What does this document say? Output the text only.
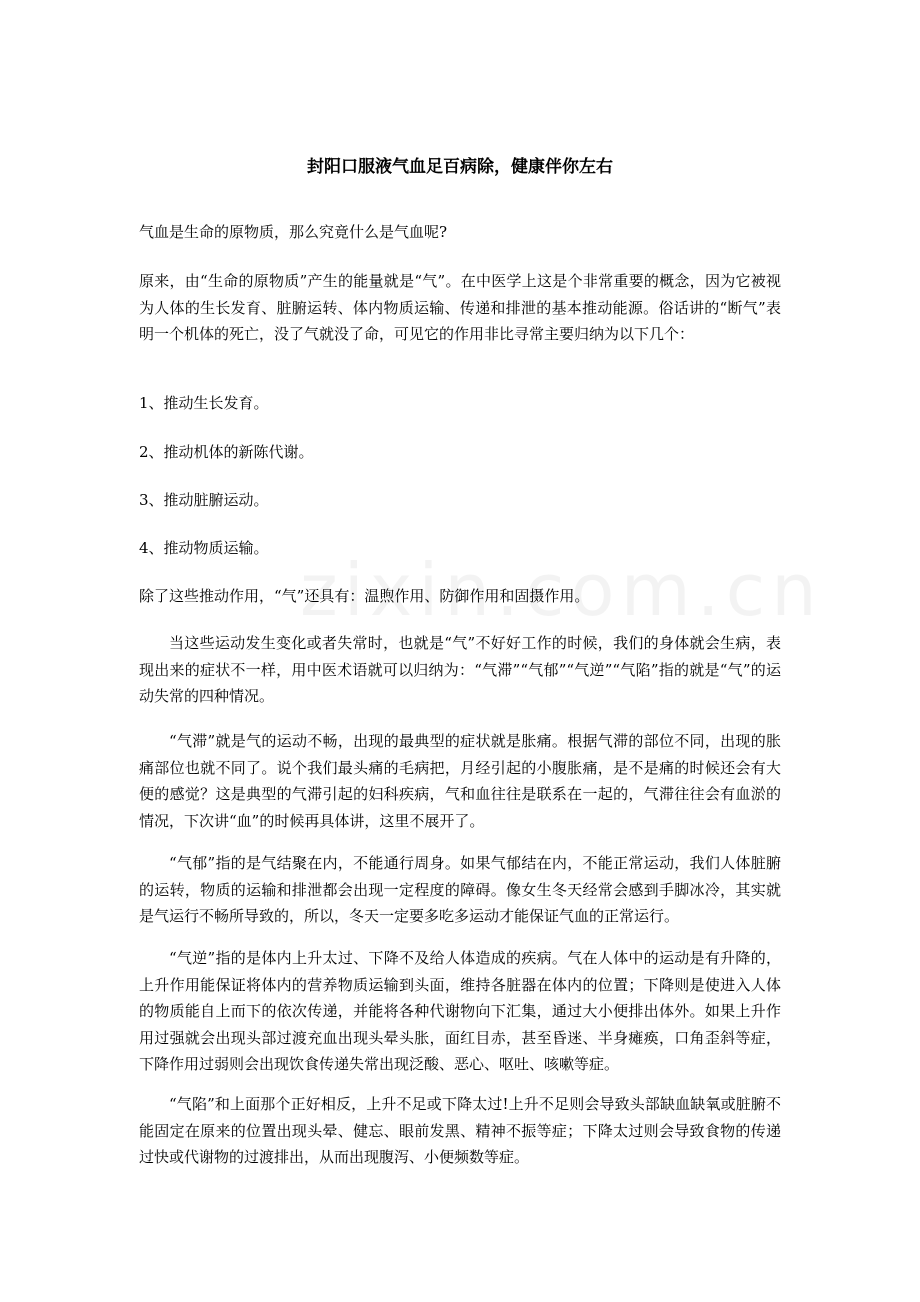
封阳口服液气血足百病除，健康伴你左右

气血是生命的原物质，那么究竟什么是气血呢?

原来，由“生命的原物质”产生的能量就是“气”。在中医学上这是个非常重要的概念，因为它被视为人体的生长发育、脏腑运转、体内物质运输、传递和排泄的基本推动能源。俗话讲的“断气”表明一个机体的死亡，没了气就没了命，可见它的作用非比寻常主要归纳为以下几个：

1、推动生长发育。

2、推动机体的新陈代谢。

3、推动脏腑运动。

4、推动物质运输。

除了这些推动作用，“气”还具有：温煦作用、防御作用和固摄作用。

当这些运动发生变化或者失常时，也就是“气”不好好工作的时候，我们的身体就会生病，表现出来的症状不一样，用中医术语就可以归纳为：“气滞”“气郁”“气逆”“气陷”指的就是“气”的运动失常的四种情况。

“气滞”就是气的运动不畅，出现的最典型的症状就是胀痛。根据气滞的部位不同，出现的胀痛部位也就不同了。说个我们最头痛的毛病把，月经引起的小腹胀痛，是不是痛的时候还会有大便的感觉？这是典型的气滞引起的妇科疾病，气和血往往是联系在一起的，气滞往往会有血淤的情况，下次讲“血”的时候再具体讲，这里不展开了。

“气郁”指的是气结聚在内，不能通行周身。如果气郁结在内，不能正常运动，我们人体脏腑的运转，物质的运输和排泄都会出现一定程度的障碍。像女生冬天经常会感到手脚冰冷，其实就是气运行不畅所导致的，所以，冬天一定要多吃多运动才能保证气血的正常运行。

“气逆”指的是体内上升太过、下降不及给人体造成的疾病。气在人体中的运动是有升降的，上升作用能保证将体内的营养物质运输到头面，维持各脏器在体内的位置；下降则是使进入人体的物质能自上而下的依次传递，并能将各种代谢物向下汇集，通过大小便排出体外。如果上升作用过强就会出现头部过渡充血出现头晕头胀，面红目赤，甚至昏迷、半身瘫痪，口角歪斜等症，下降作用过弱则会出现饮食传递失常出现泛酸、恶心、呕吐、咳嗽等症。

“气陷”和上面那个正好相反，上升不足或下降太过!上升不足则会导致头部缺血缺氧或脏腑不能固定在原来的位置出现头晕、健忘、眼前发黑、精神不振等症；下降太过则会导致食物的传递过快或代谢物的过渡排出，从而出现腹泻、小便频数等症。
